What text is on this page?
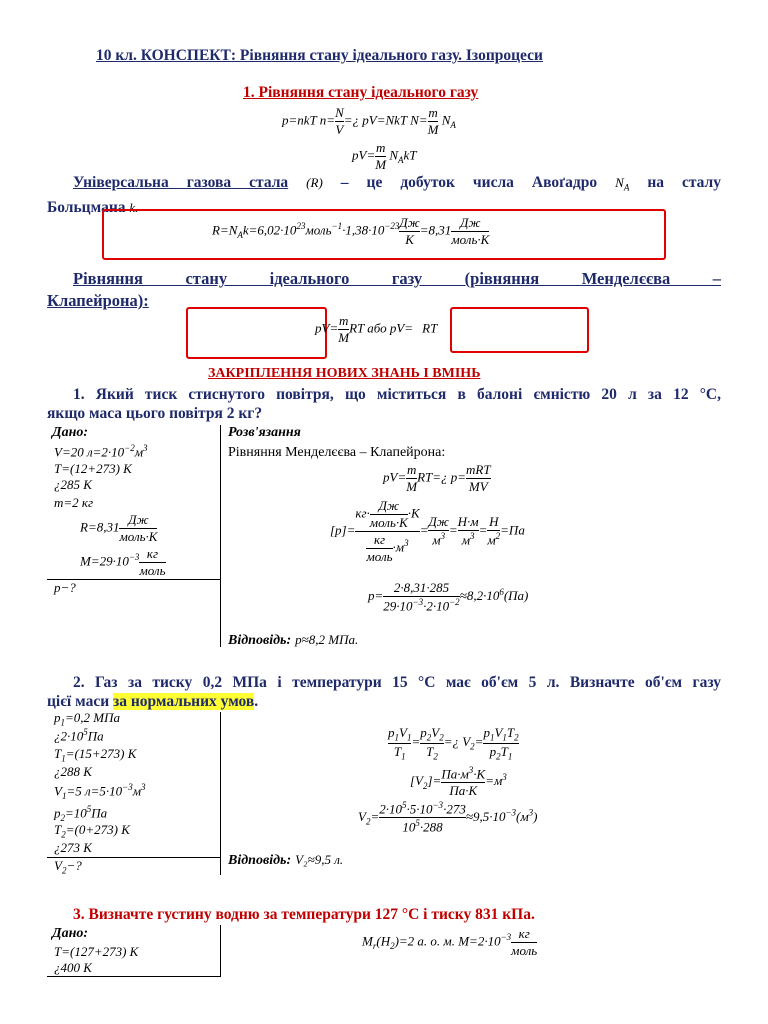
10 кл. КОНСПЕКТ: Рівняння стану ідеального газу. Ізопроцеси
1. Рівняння стану ідеального газу
p=nkT $n= \frac{N}{V}$ =¿ pV=NkT $N= \frac{m}{M} N_A$
$pV= \frac{m}{M} N_AkT$
Універсальна газова стала (R) – це добуток числа Авоґадро $N_A$ на сталу
Больцмана k.
$R=N_Ak=6,02\cdot 10^{23}моль^{-1}\cdot 1,38\cdot 10^{-23}$ Дж
K
=8,31 Дж
моль·K
Рівняння стану ідеального газу (рівняння Менделєєва –
Клапейрона):
$pV= \frac{m}{M}$ RT або pV=ν RT
ЗАКРІПЛЕННЯ НОВИХ ЗНАНЬ І ВМІНЬ
1. Який тиск стиснутого повітря, що міститься в балоні ємністю 20 л за 12 °С,
якщо маса цього повітря 2 кг?
Дано:
V=20 $л=2\cdot 10^{-2}м^3$
T=(12+273) K
¿285 K
m=2 кг
R=8,31 Дж
моль·K
$M=29\cdot 10^{-3}$ кг
моль
p−?
Розв'язання
Рівняння Менделєєва – Клапейрона:
$pV= \frac{m}{M}$ RT=¿ p= mRT
MV
[p]=
кг· Дж
моль·K
·K
кг
моль
$\cdot м^3$
=
Дж
$м^3$ =
Н·м
$м^3$ =
Н
$м^2 =Па$
$p= \frac{2\cdot 8,31\cdot 285}{29\cdot 10^{-3}\cdot 2\cdot 10^{-2}} \approx 8,2\cdot 10^6(Па)$
Відповідь: p≈8,2 МПа.
2. Газ за тиску 0,2 МПа і температури 15 °С має об'єм 5 л. Визначте об'єм газу
цієї маси за нормальних умов.
$p_1=0,2$ МПа
¿$2\cdot 10^5Па$
$T_1=(15+273)$ K
¿288 K
$V_1=5$ $л=5\cdot 10^{-3}м^3$
$p_2=10^5Па$
$T_2=(0+273)$ K
¿273 K
$V_2-$?
$\frac{p_1V_1}{T_1} = \frac{p_2V_2}{T_2}$ =¿ $V_2= \frac{p_1V_1T_2}{p_2T_1}$
$[V_2]= Па\cdot м^3\cdot K$
Па·K
$=м^3$
$V_2= \frac{2\cdot 10^5\cdot 5\cdot 10^{-3}\cdot 273}{10^5\cdot 288} \approx 9,5\cdot 10^{-3}(м^3)$
Відповідь: V₂≈9,5 л.
3. Визначте густину водню за температури 127 °С і тиску 831 кПа.
Дано:
T=(127+273) K
¿400 K
$M_r(H_2)=2$ а. о. м. $M=2\cdot 10^{-3}$ кг
моль
